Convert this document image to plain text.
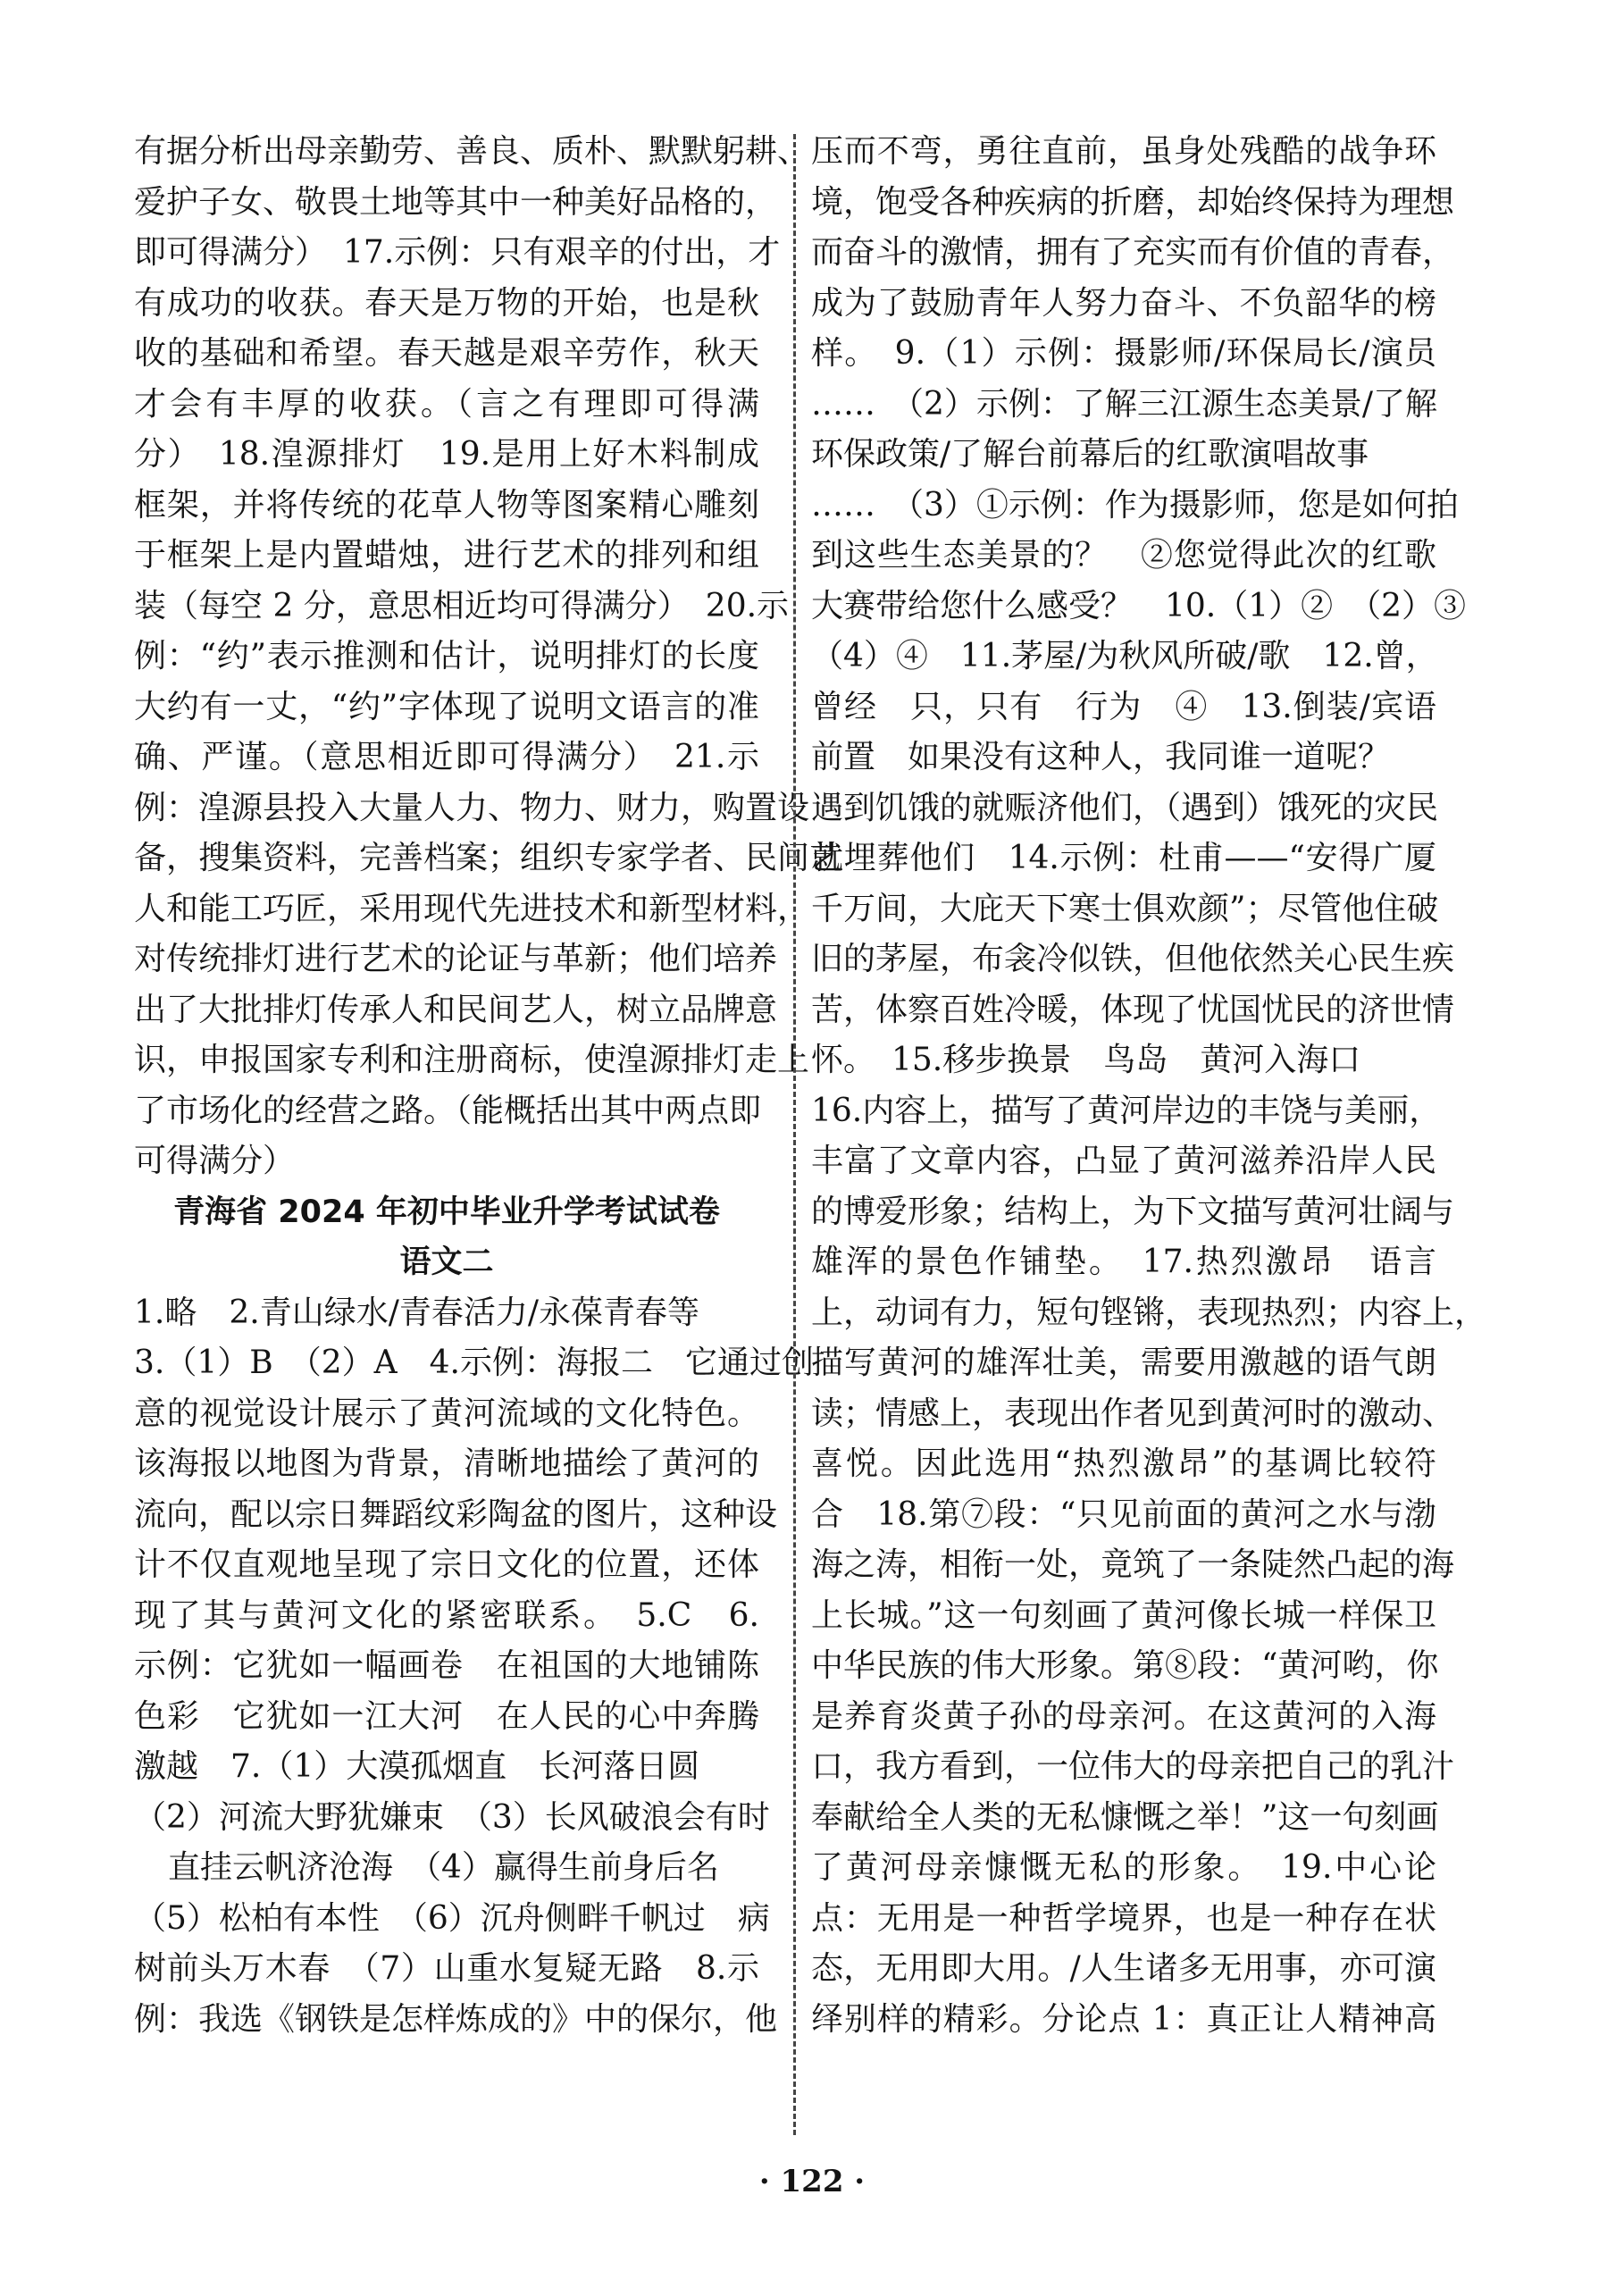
有据分析出母亲勤劳、善良、质朴、默默躬耕、
爱护子女、敬畏土地等其中一种美好品格的，
即可得满分）　17.示例：只有艰辛的付出，才
有成功的收获。春天是万物的开始，也是秋
收的基础和希望。春天越是艰辛劳作，秋天
才会有丰厚的收获。（言之有理即可得满
分）　18.湟源排灯　19.是用上好木料制成
框架，并将传统的花草人物等图案精心雕刻
于框架上是内置蜡烛，进行艺术的排列和组
装（每空 2 分，意思相近均可得满分）　20.示
例：“约”表示推测和估计，说明排灯的长度
大约有一丈，“约”字体现了说明文语言的准
确、严谨。（意思相近即可得满分）　21.示
例：湟源县投入大量人力、物力、财力，购置设
备，搜集资料，完善档案；组织专家学者、民间艺
人和能工巧匠，采用现代先进技术和新型材料，
对传统排灯进行艺术的论证与革新；他们培养
出了大批排灯传承人和民间艺人，树立品牌意
识，申报国家专利和注册商标，使湟源排灯走上
了市场化的经营之路。（能概括出其中两点即
可得满分）
青海省 2024 年初中毕业升学考试试卷
语文二
1.略　2.青山绿水/青春活力/永葆青春等
3.（1）B　（2）A　4.示例：海报二　它通过创
意的视觉设计展示了黄河流域的文化特色。
该海报以地图为背景，清晰地描绘了黄河的
流向，配以宗日舞蹈纹彩陶盆的图片，这种设
计不仅直观地呈现了宗日文化的位置，还体
现了其与黄河文化的紧密联系。　5.C　6.
示例：它犹如一幅画卷　在祖国的大地铺陈
色彩　它犹如一江大河　在人民的心中奔腾
激越　7.（1）大漠孤烟直　长河落日圆
（2）河流大野犹嫌束　（3）长风破浪会有时
直挂云帆济沧海　（4）赢得生前身后名
（5）松柏有本性　（6）沉舟侧畔千帆过　病
树前头万木春　（7）山重水复疑无路　8.示
例：我选《钢铁是怎样炼成的》中的保尔，他
压而不弯，勇往直前，虽身处残酷的战争环
境，饱受各种疾病的折磨，却始终保持为理想
而奋斗的激情，拥有了充实而有价值的青春，
成为了鼓励青年人努力奋斗、不负韶华的榜
样。　9.（1）示例：摄影师/环保局长/演员
……　（2）示例：了解三江源生态美景/了解
环保政策/了解台前幕后的红歌演唱故事
……　（3）①示例：作为摄影师，您是如何拍
到这些生态美景的？　②您觉得此次的红歌
大赛带给您什么感受？　10.（1）②　（2）③
（4）④　11.茅屋/为秋风所破/歌　12.曾，
曾经　只，只有　行为　④　13.倒装/宾语
前置　如果没有这种人，我同谁一道呢？
遇到饥饿的就赈济他们，（遇到）饿死的灾民
就埋葬他们　14.示例：杜甫——“安得广厦
千万间，大庇天下寒士俱欢颜”；尽管他住破
旧的茅屋，布衾冷似铁，但他依然关心民生疾
苦，体察百姓冷暖，体现了忧国忧民的济世情
怀。　15.移步换景　鸟岛　黄河入海口
16.内容上，描写了黄河岸边的丰饶与美丽，
丰富了文章内容，凸显了黄河滋养沿岸人民
的博爱形象；结构上，为下文描写黄河壮阔与
雄浑的景色作铺垫。　17.热烈激昂　语言
上，动词有力，短句铿锵，表现热烈；内容上，
描写黄河的雄浑壮美，需要用激越的语气朗
读；情感上，表现出作者见到黄河时的激动、
喜悦。因此选用“热烈激昂”的基调比较符
合　18.第⑦段：“只见前面的黄河之水与渤
海之涛，相衔一处，竟筑了一条陡然凸起的海
上长城。”这一句刻画了黄河像长城一样保卫
中华民族的伟大形象。第⑧段：“黄河哟，你
是养育炎黄子孙的母亲河。在这黄河的入海
口，我方看到，一位伟大的母亲把自己的乳汁
奉献给全人类的无私慷慨之举！”这一句刻画
了黄河母亲慷慨无私的形象。　19.中心论
点：无用是一种哲学境界，也是一种存在状
态，无用即大用。/人生诸多无用事，亦可演
绎别样的精彩。分论点 1：真正让人精神高
· 122 ·
